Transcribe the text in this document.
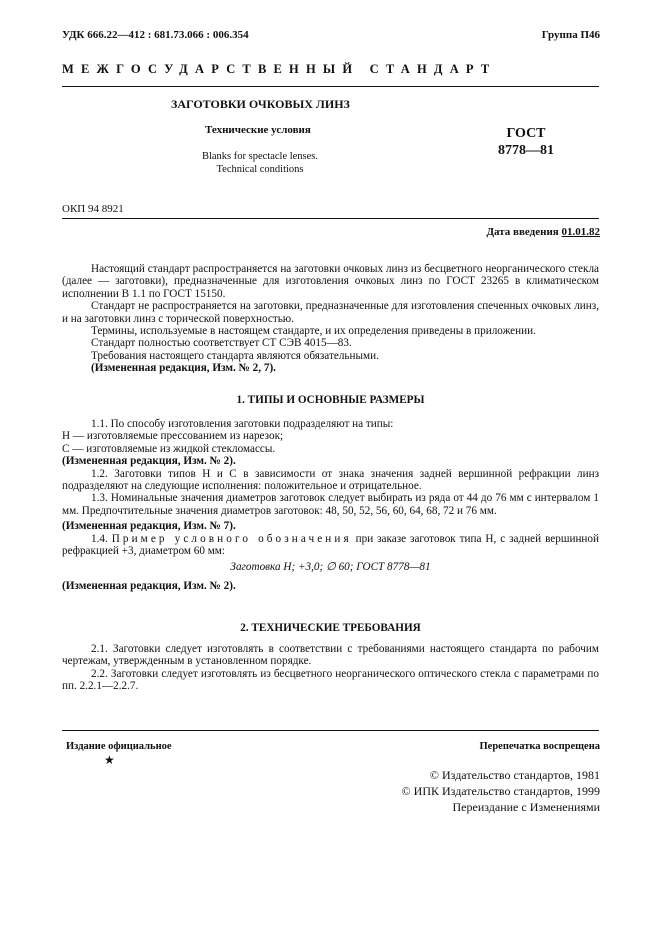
УДК 666.22—412 : 681.73.066 : 006.354	Группа П46
МЕЖГОСУДАРСТВЕННЫЙ СТАНДАРТ
ЗАГОТОВКИ ОЧКОВЫХ ЛИНЗ
Технические условия
Blanks for spectacle lenses.
Technical conditions
ГОСТ
8778—81
ОКП 94 8921
Дата введения 01.01.82

Настоящий стандарт распространяется на заготовки очковых линз из бесцветного неорганического стекла (далее — заготовки), предназначенные для изготовления очковых линз по ГОСТ 23265 в климатическом исполнении В 1.1 по ГОСТ 15150.

Стандарт не распространяется на заготовки, предназначенные для изготовления спеченных очковых линз, и на заготовки линз с торической поверхностью.

Термины, используемые в настоящем стандарте, и их определения приведены в приложении.

Стандарт полностью соответствует СТ СЭВ 4015—83.

Требования настоящего стандарта являются обязательными.

(Измененная редакция, Изм. № 2, 7).

1. ТИПЫ И ОСНОВНЫЕ РАЗМЕРЫ

1.1. По способу изготовления заготовки подразделяют на типы:

Н — изготовляемые прессованием из нарезок;

С — изготовляемые из жидкой стекломассы.

(Измененная редакция, Изм. № 2).

1.2. Заготовки типов Н и С в зависимости от знака значения задней вершинной рефракции линз подразделяют на следующие исполнения: положительное и отрицательное.

1.3. Номинальные значения диаметров заготовок следует выбирать из ряда от 44 до 76 мм с интервалом 1 мм. Предпочтительные значения диаметров заготовок: 48, 50, 52, 56, 60, 64, 68, 72 и 76 мм.

(Измененная редакция, Изм. № 7).

1.4. Пример условного обозначения при заказе заготовок типа Н, с задней вершинной рефракцией +3, диаметром 60 мм:

Заготовка Н; +3,0; ∅ 60; ГОСТ 8778—81

(Измененная редакция, Изм. № 2).

2. ТЕХНИЧЕСКИЕ ТРЕБОВАНИЯ

2.1. Заготовки следует изготовлять в соответствии с требованиями настоящего стандарта по рабочим чертежам, утвержденным в установленном порядке.

2.2. Заготовки следует изготовлять из бесцветного неорганического оптического стекла с параметрами по пп. 2.2.1—2.2.7.

Издание официальное
★
Перепечатка воспрещена
© Издательство стандартов, 1981
© ИПК Издательство стандартов, 1999
Переиздание с Изменениями
